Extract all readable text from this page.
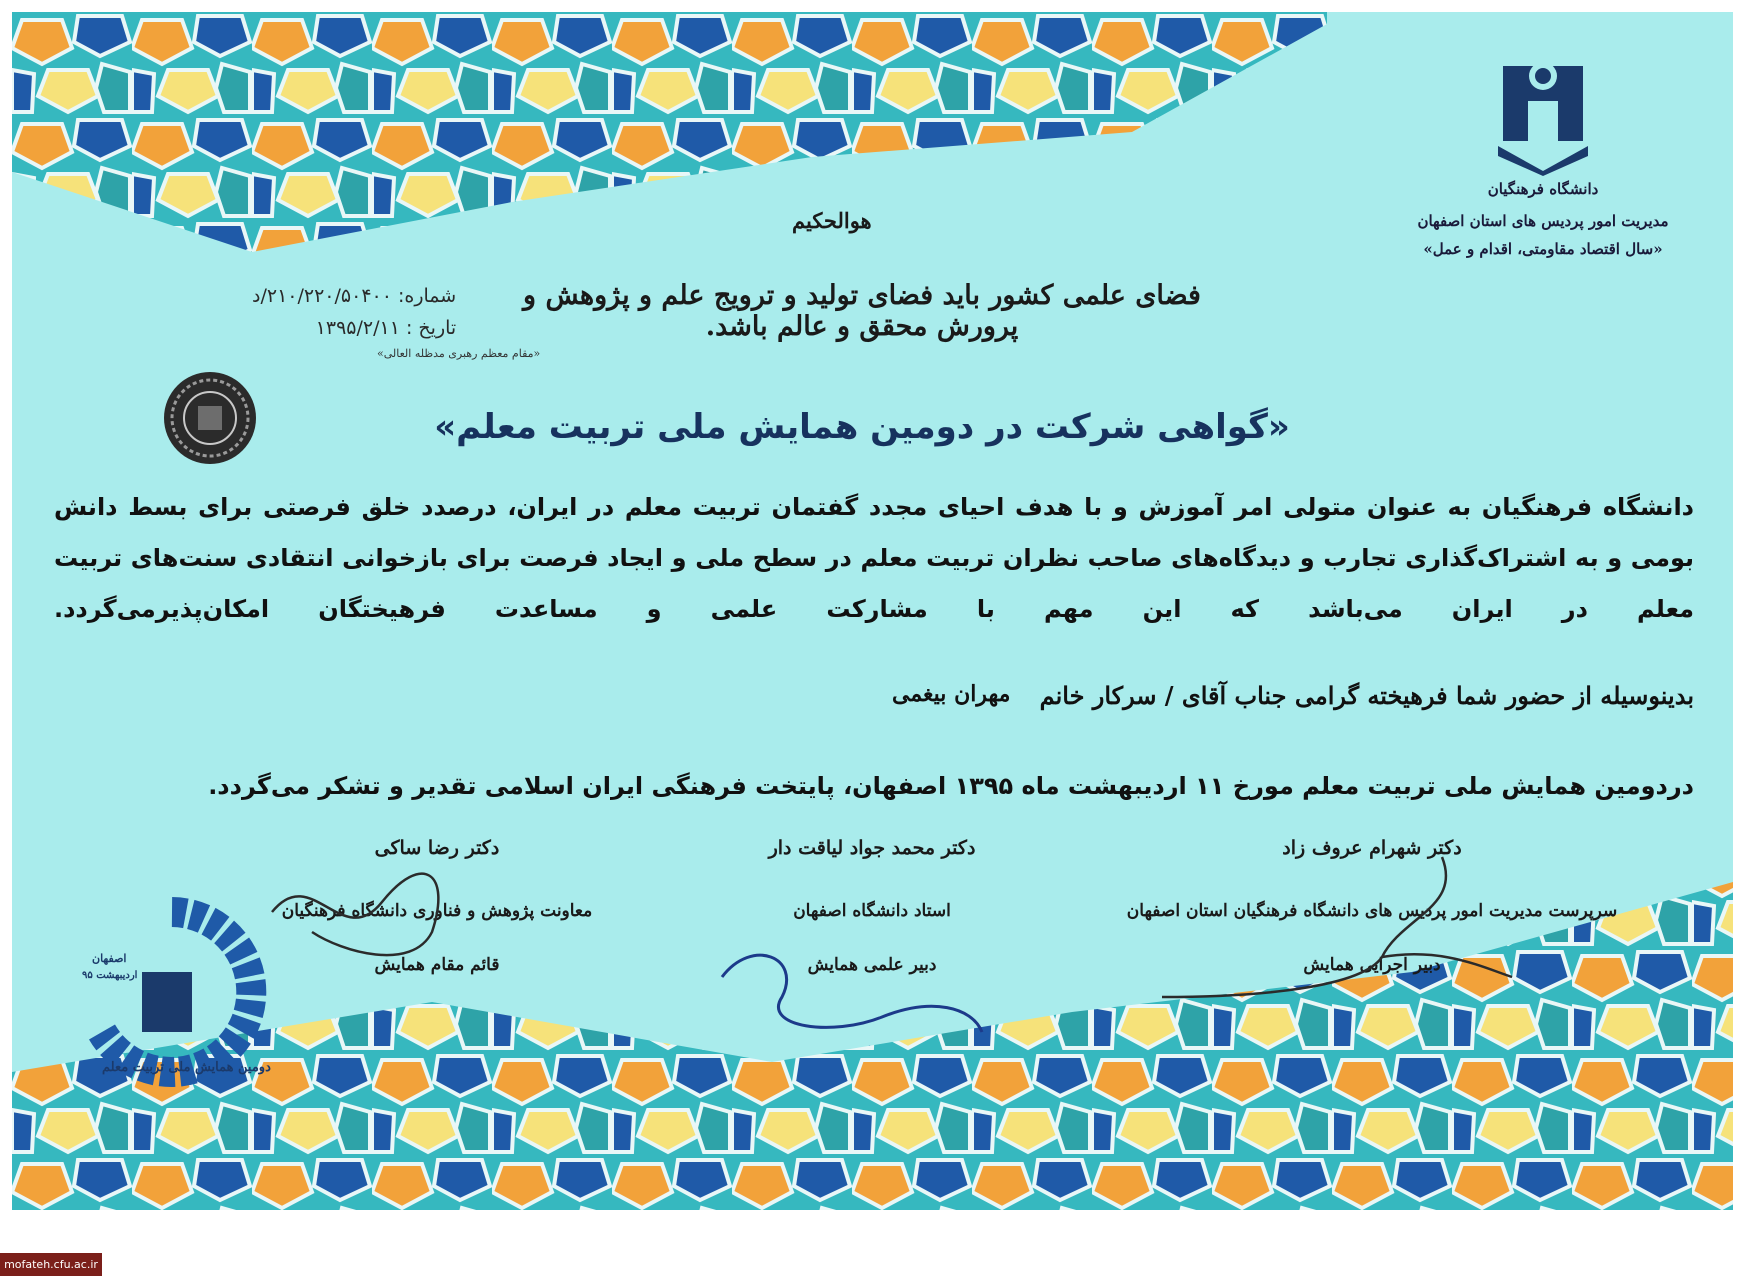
دانشگاه فرهنگیان
مدیریت امور پردیس های استان اصفهان
«سال اقتصاد مقاومتی، اقدام و عمل»
هوالحکیم
شماره: ۲۱۰/۲۲۰/۵۰۴۰۰/د
تاریخ : ۱۳۹۵/۲/۱۱
فضای علمی کشور باید فضای تولید و ترویج علم و پژوهش و پرورش محقق و عالم باشد.
«مقام معظم رهبری مدظله العالی»
«گواهی شرکت در دومین همایش ملی تربیت معلم»
دانشگاه فرهنگیان به عنوان متولی امر آموزش و با هدف احیای مجدد گفتمان تربیت معلم در ایران، درصدد خلق فرصتی برای بسط دانش بومی و به اشتراک‌گذاری تجارب و دیدگاه‌های صاحب نظران تربیت معلم در سطح ملی و ایجاد فرصت برای بازخوانی انتقادی سنت‌های تربیت معلم در ایران می‌باشد که این مهم با مشارکت علمی و مساعدت فرهیختگان امکان‌پذیرمی‌گردد.
بدینوسیله از حضور شما فرهیخته گرامی جناب آقای / سرکار خانم
مهران بیغمی
دردومین همایش ملی تربیت معلم مورخ ۱۱ اردیبهشت ماه ۱۳۹۵ اصفهان، پایتخت فرهنگی ایران اسلامی تقدیر و تشکر می‌گردد.
دکتر شهرام عروف زاد
سرپرست مدیریت امور پردیس های دانشگاه فرهنگیان استان اصفهان
دبیر اجرایی همایش
دکتر محمد جواد لیاقت دار
استاد دانشگاه اصفهان
دبیر علمی همایش
دکتر رضا ساکی
معاونت پژوهش و فناوری دانشگاه فرهنگیان
قائم مقام همایش
اصفهان
اردیبهشت ۹۵
دومین همایش ملی تربیت معلم
mofateh.cfu.ac.ir
